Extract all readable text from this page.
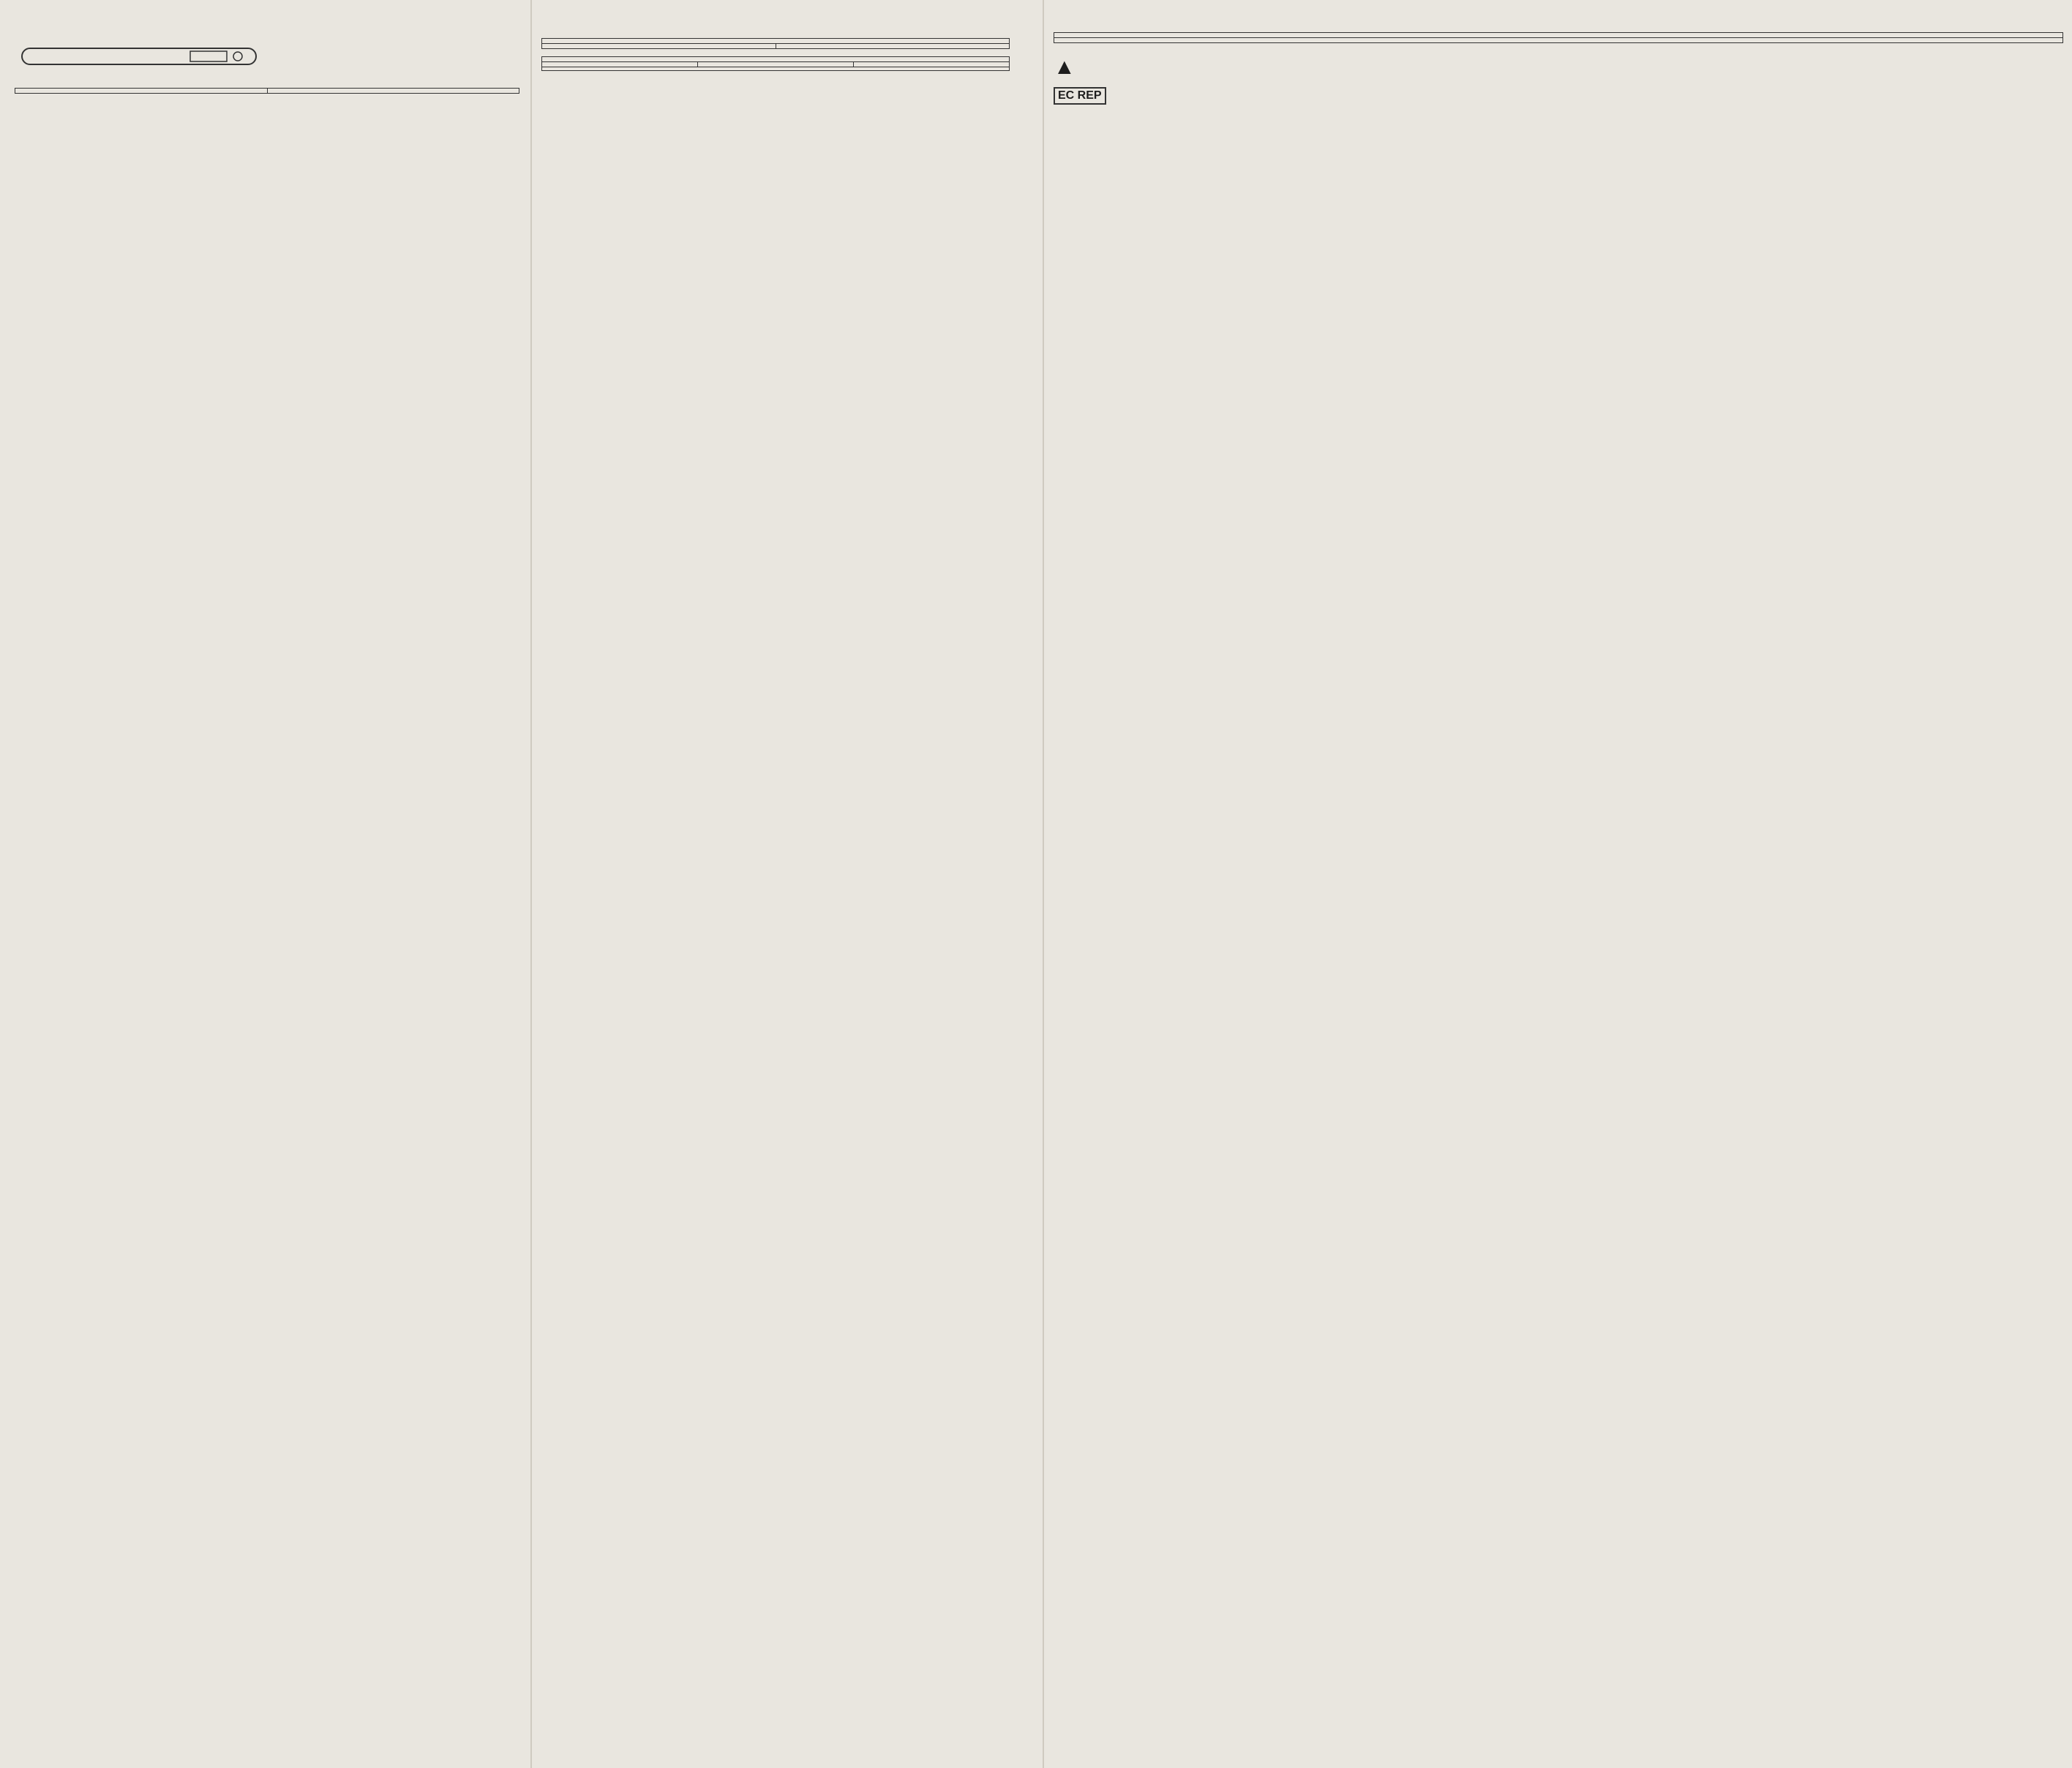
▲

EC REP
